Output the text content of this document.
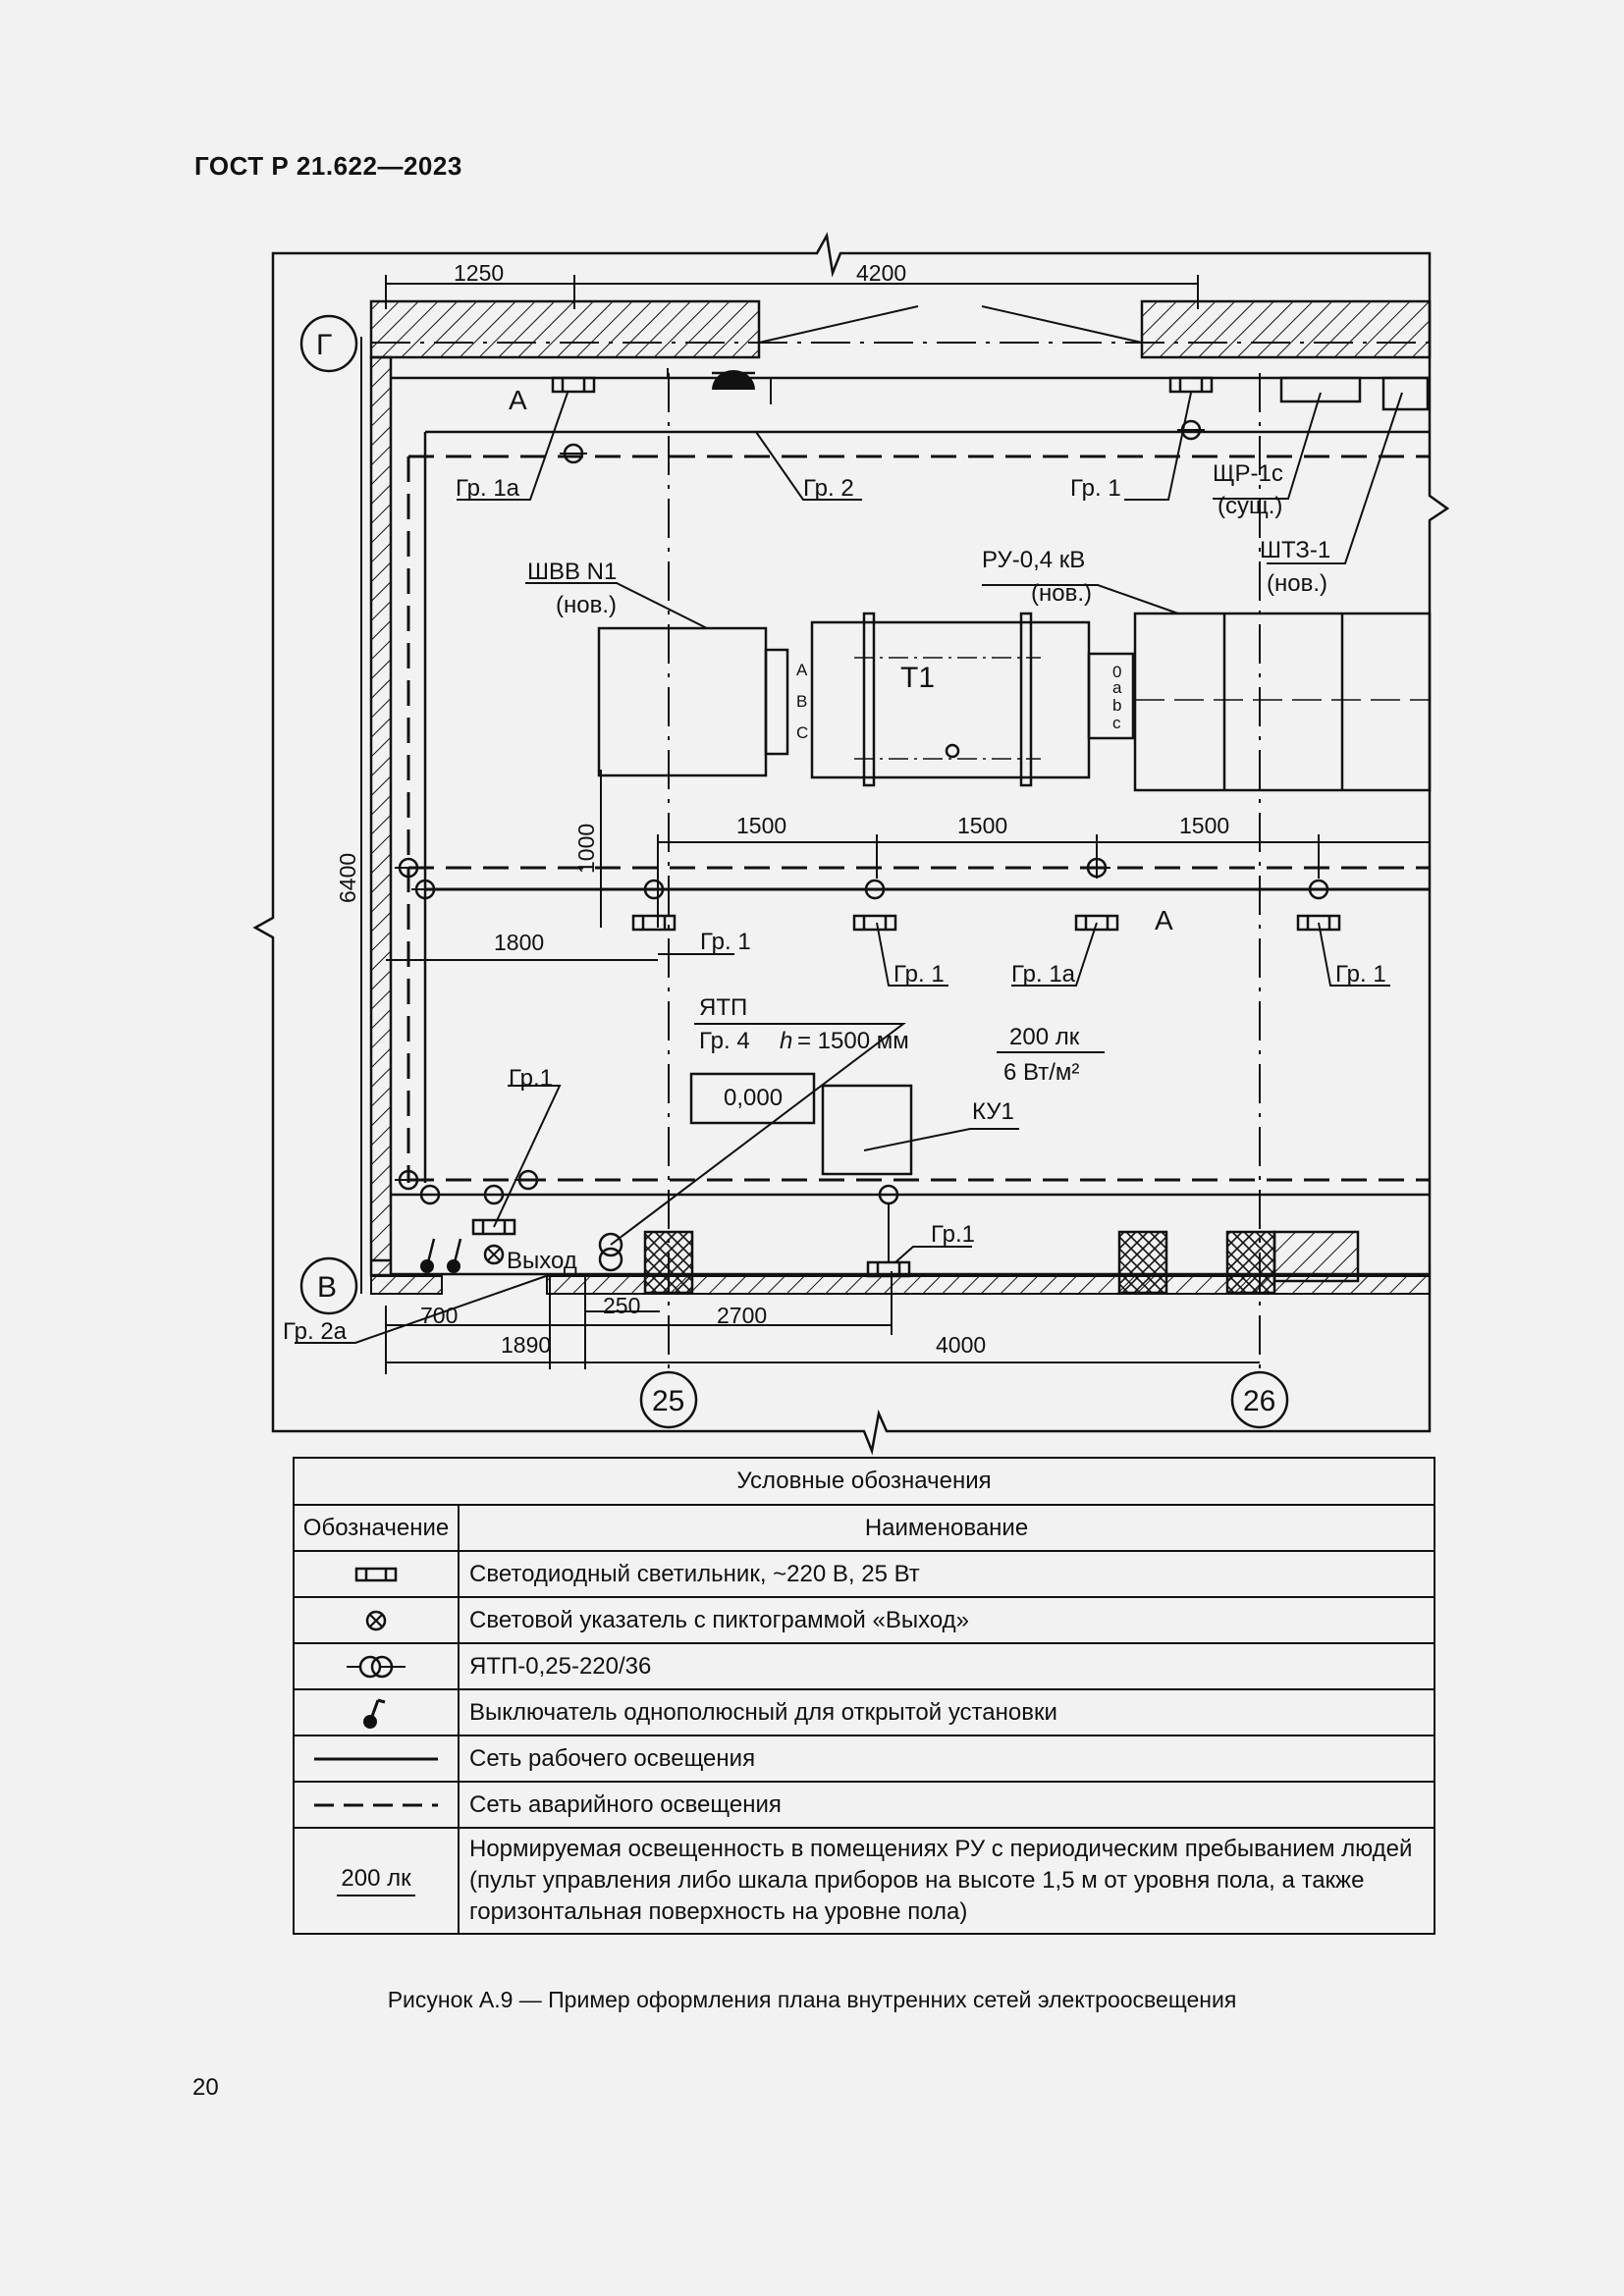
ГОСТ Р 21.622—2023
1250	4200
6400
1000	1500	1500	1500
1800
700	250	2700
1890	4000
Г
В
25	26
А
Гр. 1а	Гр. 2	Гр. 1
ЩР-1с
(сущ.)
ШТЗ-1
(нов.)
ШВВ N1
(нов.)
РУ-0,4 кВ
(нов.)
Т1
A
B
C
0
a
b
c
Гр. 1
Гр. 1	Гр. 1а
А
Гр. 1
ЯТП
Гр. 4 h = 1500 мм	200 лк
6 Вт/м²
0,000
КУ1
Гр.1
Выход
Гр.1
Гр. 2а
Условные обозначения	
Обозначение	Наименование

	Светодиодный светильник, ~220 В, 25 Вт

	Световой указатель с пиктограммой «Выход»

	ЯТП-0,25-220/36

	Выключатель однополюсный для открытой установки

	Сеть рабочего освещения

	Сеть аварийного освещения
200 лк	Нормируемая освещенность в помещениях РУ с периодическим пребыванием людей (пульт управления либо шкала приборов на высоте 1,5 м от уровня пола, а также горизонтальная поверхность на уровне пола)
Рисунок А.9 — Пример оформления плана внутренних сетей электроосвещения
20
